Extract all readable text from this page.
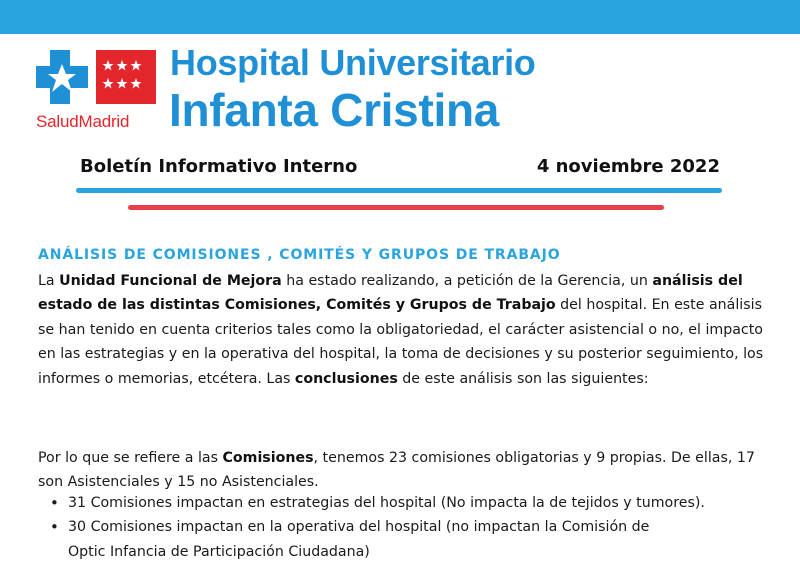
SaludMadrid
Hospital Universitario
Infanta Cristina
Boletín Informativo Interno	4 noviembre 2022
ANÁLISIS DE COMISIONES , COMITÉS Y GRUPOS DE TRABAJO

La Unidad Funcional de Mejora ha estado realizando, a petición de la Gerencia, un análisis del estado de las distintas Comisiones, Comités y Grupos de Trabajo del hospital. En este análisis se han tenido en cuenta criterios tales como la obligatoriedad, el carácter asistencial o no, el impacto en las estrategias y en la operativa del hospital, la toma de decisiones y su posterior seguimiento, los informes o memorias, etcétera. Las conclusiones de este análisis son las siguientes:

Por lo que se refiere a las Comisiones, tenemos 23 comisiones obligatorias y 9 propias. De ellas, 17 son Asistenciales y 15 no Asistenciales.

• 31 Comisiones impactan en estrategias del hospital (No impacta la de tejidos y tumores).
• 30 Comisiones impactan en la operativa del hospital (no impactan la Comisión de
Optic Infancia de Participación Ciudadana)
